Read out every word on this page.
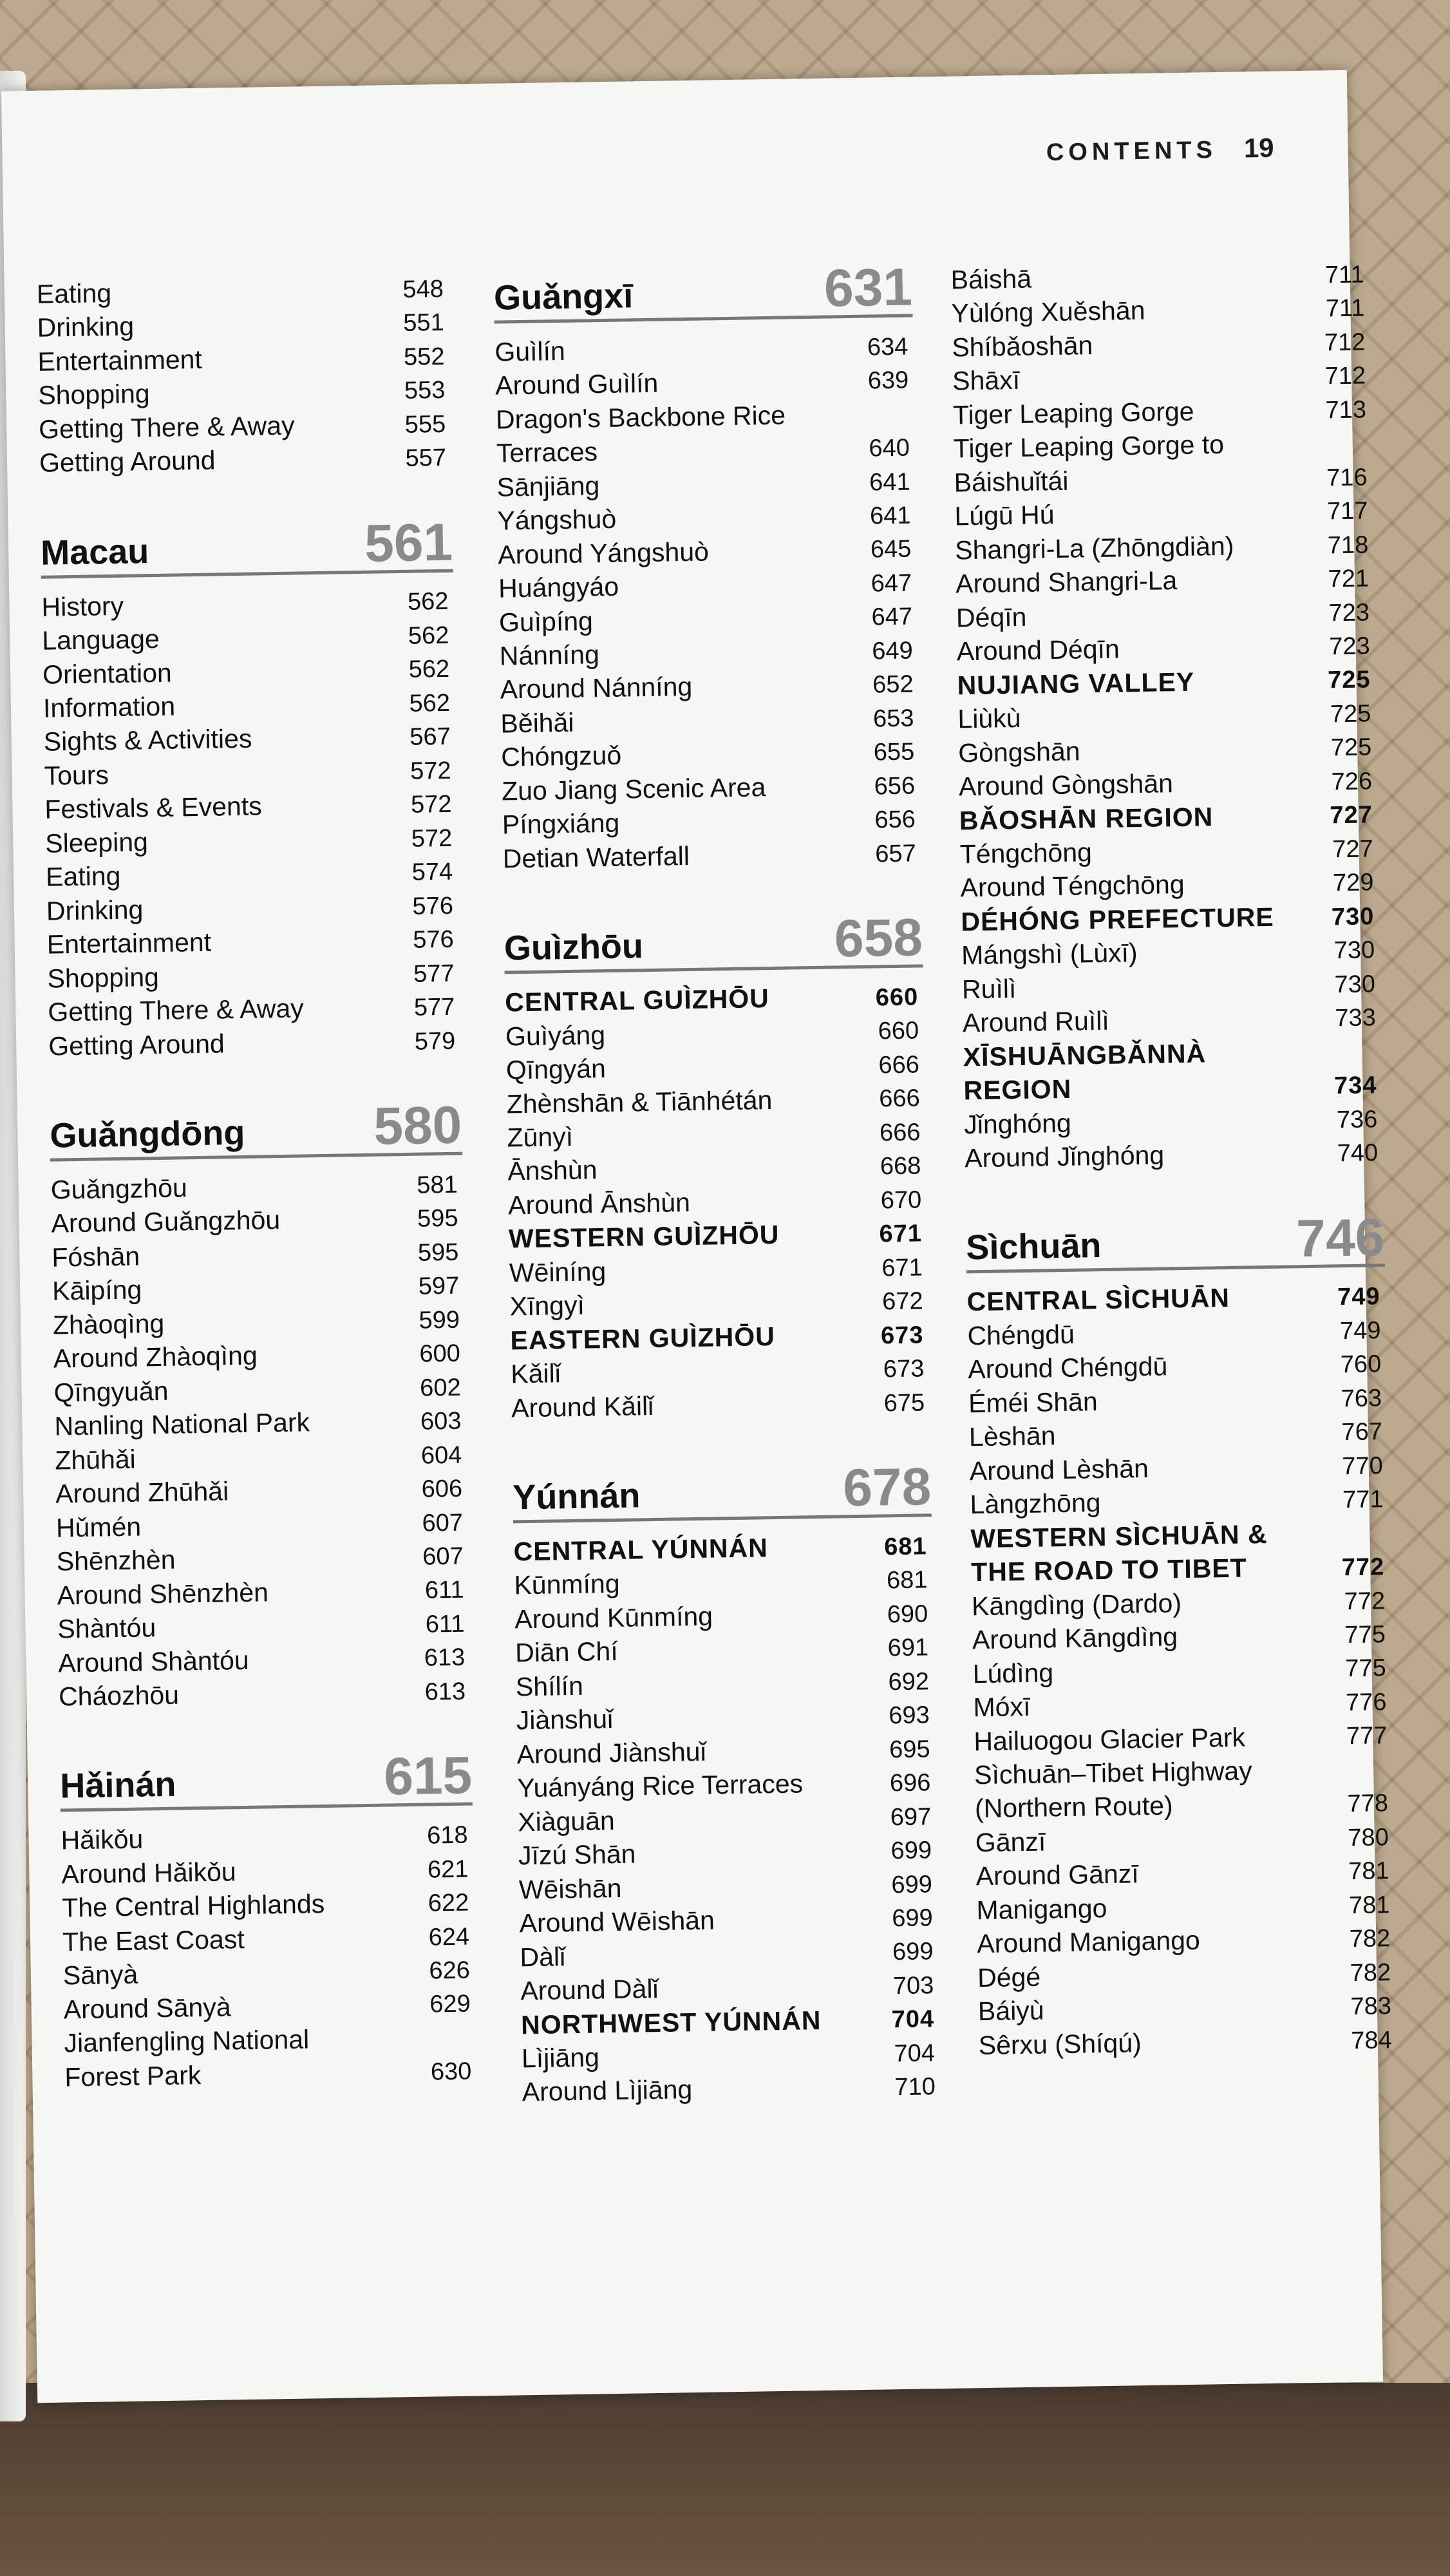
CONTENTS 19
Eating	548
Drinking	551
Entertainment	552
Shopping	553
Getting There & Away	555
Getting Around	557
Macau	561
History	562
Language	562
Orientation	562
Information	562
Sights & Activities	567
Tours	572
Festivals & Events	572
Sleeping	572
Eating	574
Drinking	576
Entertainment	576
Shopping	577
Getting There & Away	577
Getting Around	579
Guǎngdōng 580
Guǎngzhōu	581
Around Guǎngzhōu	595
Fóshān	595
Kāipíng	597
Zhàoqìng	599
Around Zhàoqìng	600
Qīngyuǎn	602
Nanling National Park	603
Zhūhǎi	604
Around Zhūhǎi	606
Hǔmén	607
Shēnzhèn	607
Around Shēnzhèn	611
Shàntóu	611
Around Shàntóu	613
Cháozhōu	613
Hǎinán	615
Hǎikǒu	618
Around Hǎikǒu	621
The Central Highlands	622
The East Coast	624
Sānyà	626
Around Sānyà	629
Jianfengling National
Forest Park	630
Guǎngxī	631
Guìlín	634
Around Guìlín	639
Dragon's Backbone Rice
Terraces	640
Sānjiāng	641
Yángshuò	641
Around Yángshuò	645
Huángyáo	647
Guìpíng	647
Nánníng	649
Around Nánníng	652
Běihǎi	653
Chóngzuǒ	655
Zuo Jiang Scenic Area	656
Píngxiáng	656
Detian Waterfall	657
Guìzhōu	658
CENTRAL GUÌZHŌU	660
Guìyáng	660
Qīngyán	666
Zhènshān & Tiānhétán	666
Zūnyì	666
Ānshùn	668
Around Ānshùn	670
WESTERN GUÌZHŌU	671
Wēiníng	671
Xīngyì	672
EASTERN GUÌZHŌU	673
Kǎilǐ	673
Around Kǎilǐ	675
Yúnnán	678
CENTRAL YÚNNÁN	681
Kūnmíng	681
Around Kūnmíng	690
Diān Chí	691
Shílín	692
Jiànshuǐ	693
Around Jiànshuǐ	695
Yuányáng Rice Terraces	696
Xiàguān	697
Jīzú Shān	699
Wēishān	699
Around Wēishān	699
Dàlǐ	699
Around Dàlǐ	703
NORTHWEST YÚNNÁN	704
Lìjiāng	704
Around Lìjiāng	710
Báishā	711
Yùlóng Xuěshān	711
Shíbǎoshān	712
Shāxī	712
Tiger Leaping Gorge	713
Tiger Leaping Gorge to
Báishuǐtái	716
Lúgū Hú	717
Shangri-La (Zhōngdiàn)	718
Around Shangri-La	721
Déqīn	723
Around Déqīn	723
NUJIANG VALLEY	725
Liùkù	725
Gòngshān	725
Around Gòngshān	726
BǍOSHĀN REGION	727
Téngchōng	727
Around Téngchōng	729
DÉHÓNG PREFECTURE	730
Mángshì (Lùxī)	730
Ruìlì	730
Around Ruìlì	733
XĪSHUĀNGBǍNNÀ
REGION	734
Jǐnghóng	736
Around Jǐnghóng	740
Sìchuān	746
CENTRAL SÌCHUĀN	749
Chéngdū	749
Around Chéngdū	760
Éméi Shān	763
Lèshān	767
Around Lèshān	770
Làngzhōng	771
WESTERN SÌCHUĀN &
THE ROAD TO TIBET	772
Kāngdìng (Dardo)	772
Around Kāngdìng	775
Lúdìng	775
Móxī	776
Hailuogou Glacier Park	777
Sìchuān–Tibet Highway
(Northern Route)	778
Gānzī	780
Around Gānzī	781
Manigango	781
Around Manigango	782
Dégé	782
Báiyù	783
Sêrxu (Shíqú)	784
